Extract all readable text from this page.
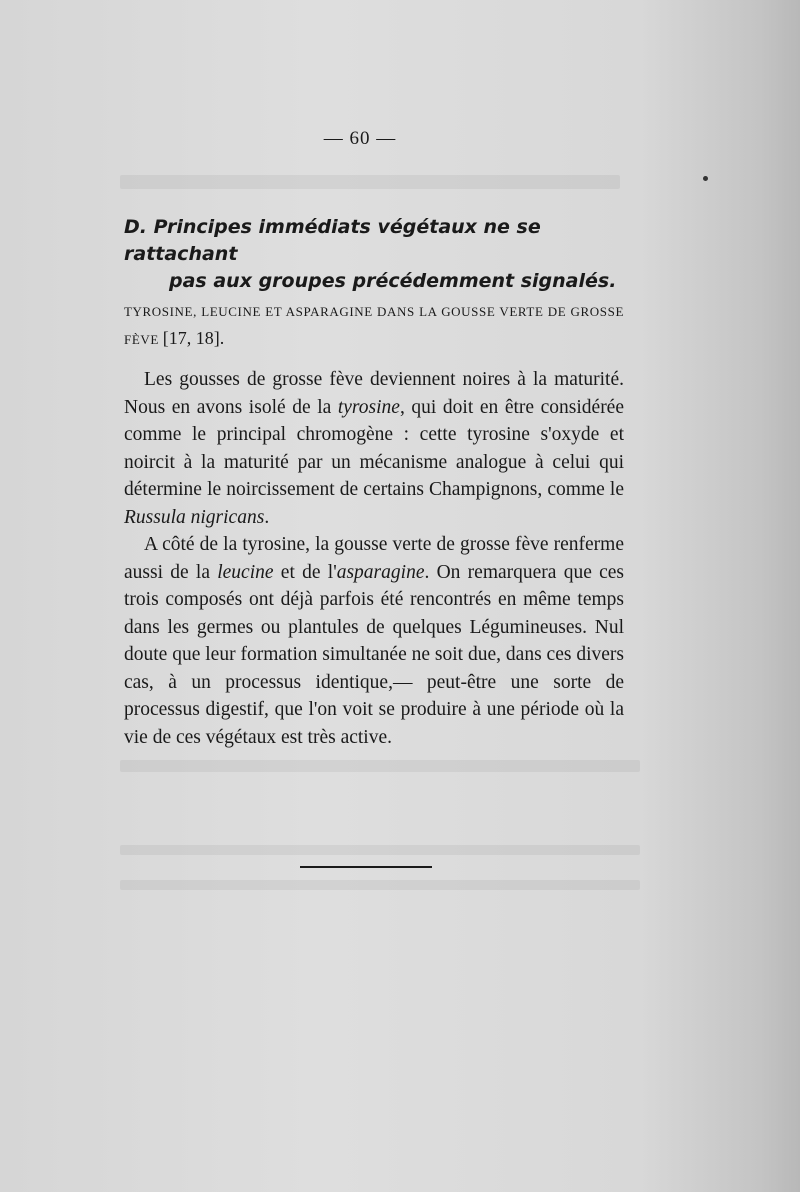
— 60 —
D. Principes immédiats végétaux ne se rattachant
pas aux groupes précédemment signalés.
TYROSINE, LEUCINE ET ASPARAGINE DANS LA GOUSSE VERTE DE GROSSE FÈVE [17, 18].

Les gousses de grosse fève deviennent noires à la maturité. Nous en avons isolé de la tyrosine, qui doit en être considérée comme le principal chromogène : cette tyrosine s'oxyde et noircit à la maturité par un mécanisme analogue à celui qui détermine le noircissement de certains Champignons, comme le Russula nigricans.

A côté de la tyrosine, la gousse verte de grosse fève renferme aussi de la leucine et de l'asparagine. On remarquera que ces trois composés ont déjà parfois été rencontrés en même temps dans les germes ou plantules de quelques Légumineuses. Nul doute que leur formation simultanée ne soit due, dans ces divers cas, à un processus identique,— peut-être une sorte de processus digestif, que l'on voit se produire à une période où la vie de ces végétaux est très active.
